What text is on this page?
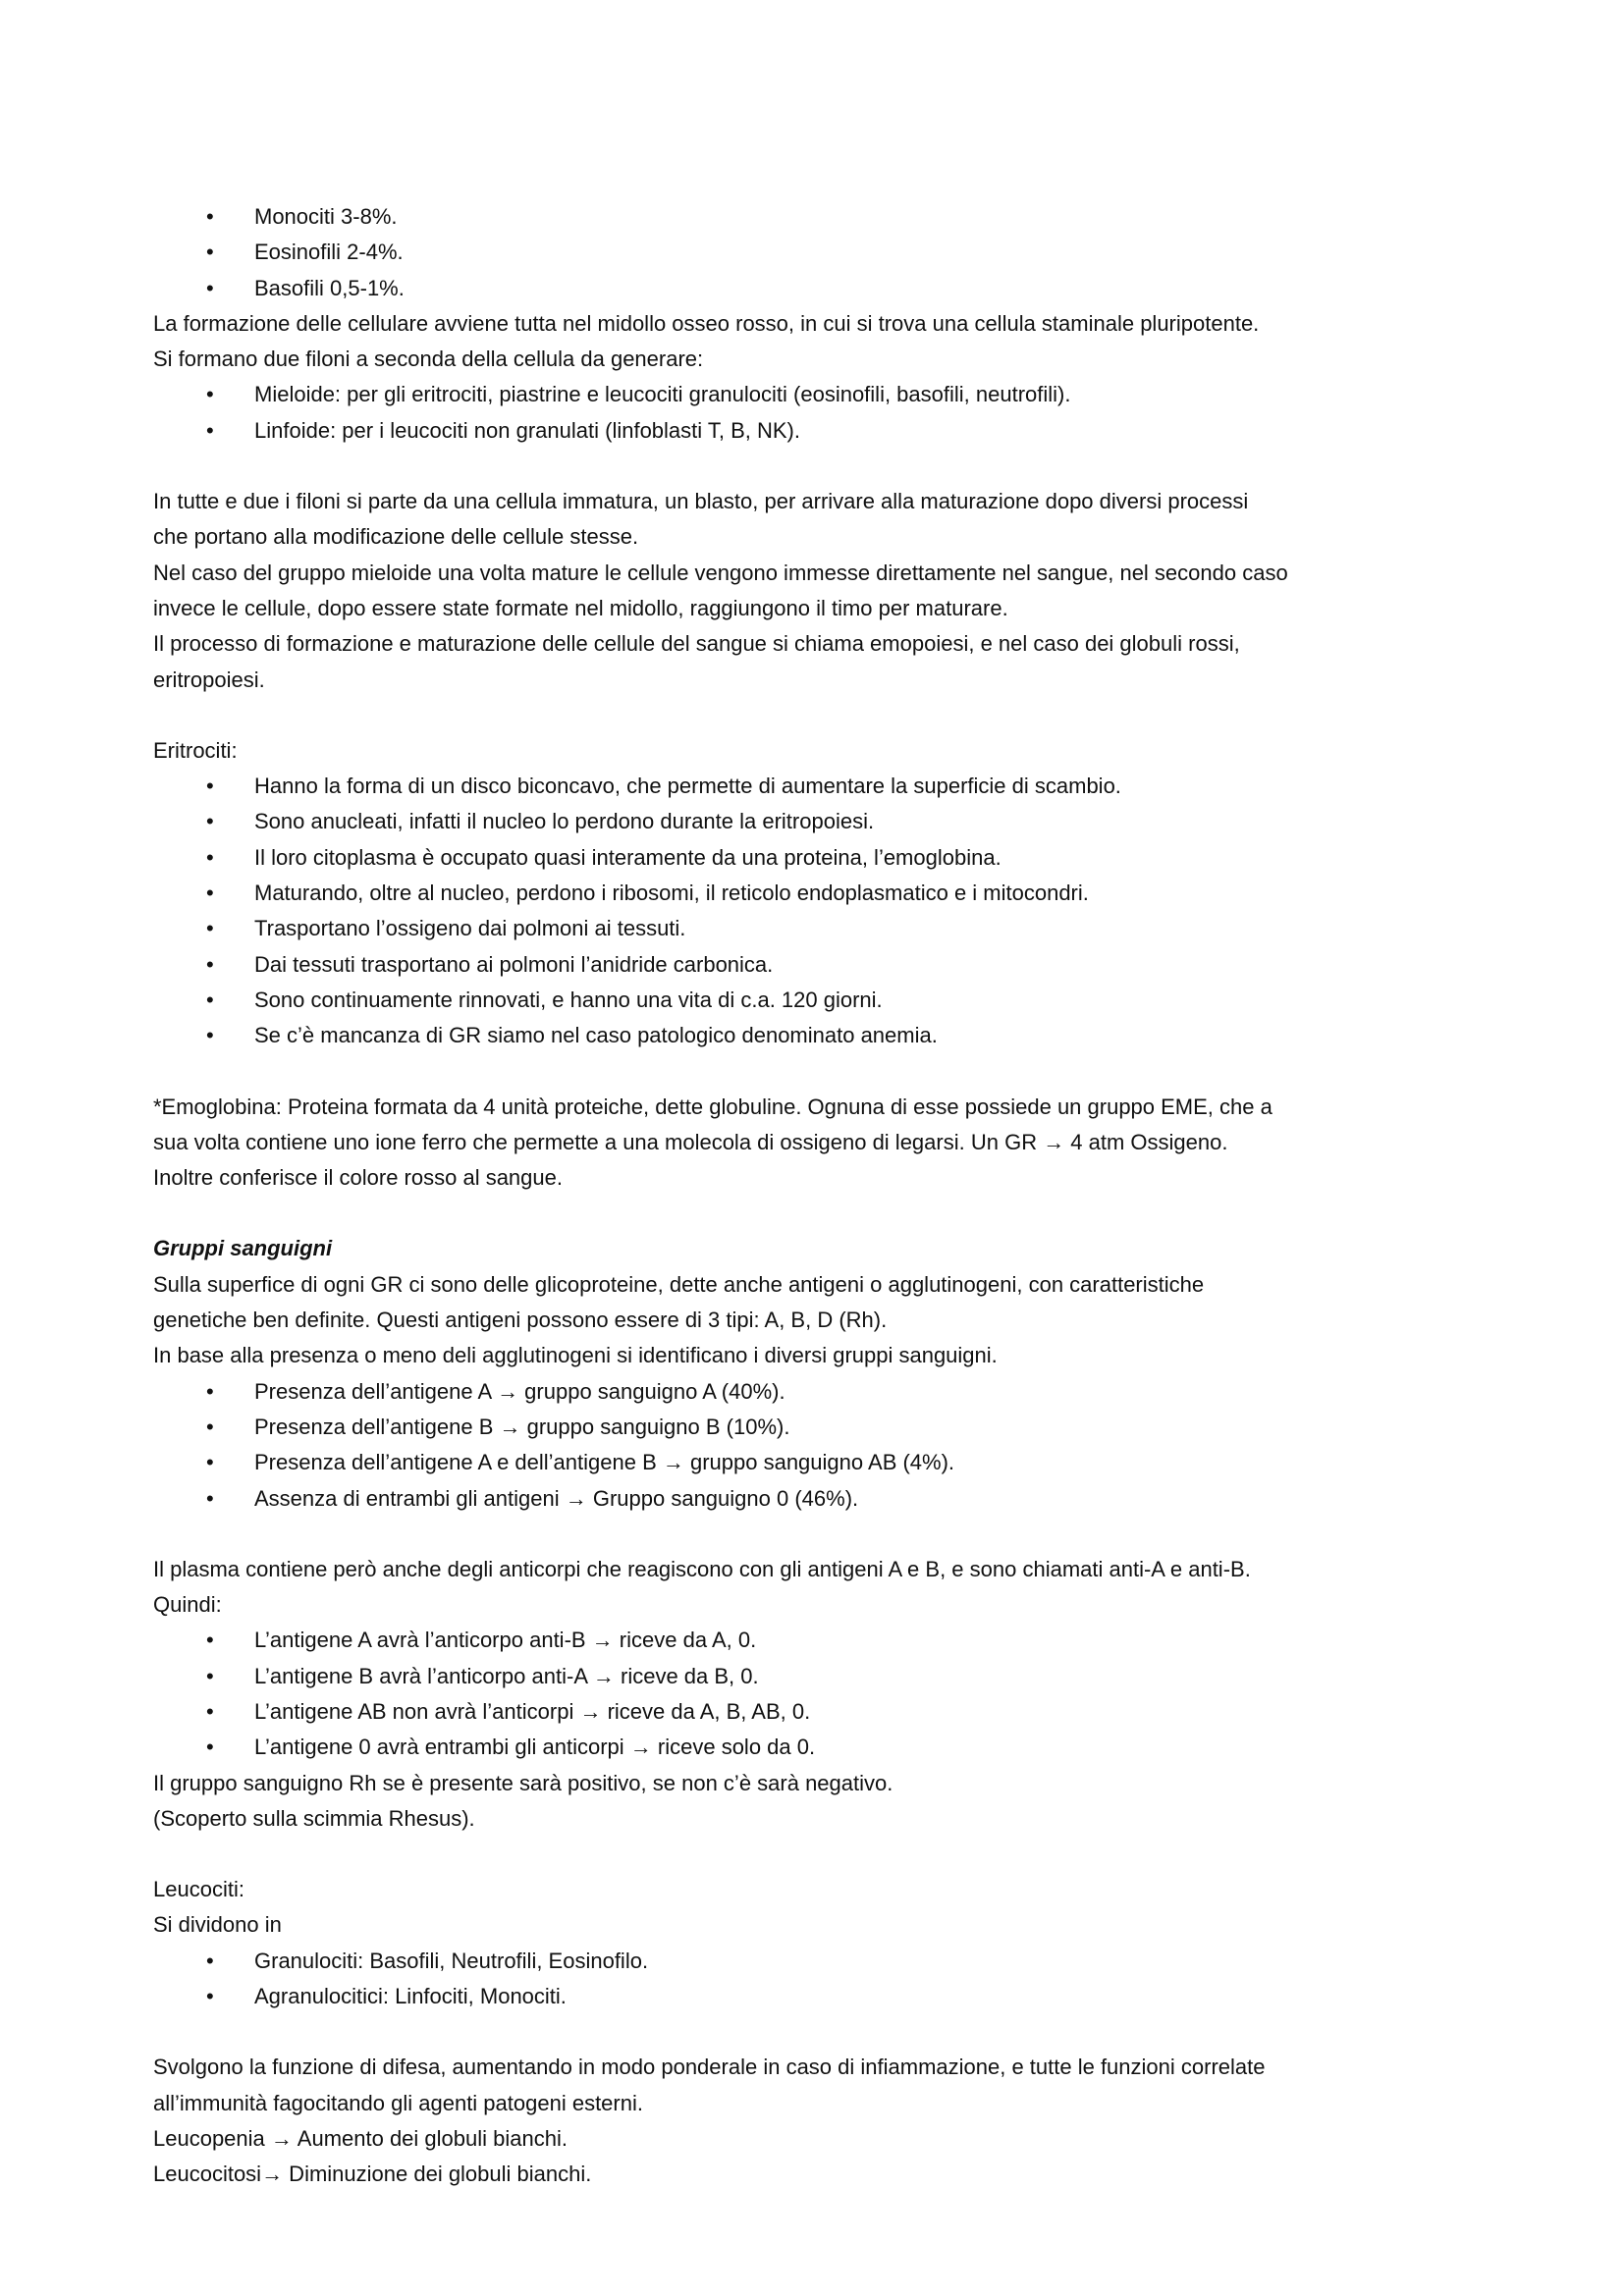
• Monociti 3-8%.
• Eosinofili 2-4%.
• Basofili 0,5-1%.

La formazione delle cellulare avviene tutta nel midollo osseo rosso, in cui si trova una cellula staminale pluripotente.

Si formano due filoni a seconda della cellula da generare:

• Mieloide: per gli eritrociti, piastrine e leucociti granulociti (eosinofili, basofili, neutrofili).
• Linfoide: per i leucociti non granulati (linfoblasti T, B, NK).

In tutte e due i filoni si parte da una cellula immatura, un blasto, per arrivare alla maturazione dopo diversi processi

che portano alla modificazione delle cellule stesse.

Nel caso del gruppo mieloide una volta mature le cellule vengono immesse direttamente nel sangue, nel secondo caso

invece le cellule, dopo essere state formate nel midollo, raggiungono il timo per maturare.

Il processo di formazione e maturazione delle cellule del sangue si chiama emopoiesi, e nel caso dei globuli rossi,

eritropoiesi.

Eritrociti:

• Hanno la forma di un disco biconcavo, che permette di aumentare la superficie di scambio.
• Sono anucleati, infatti il nucleo lo perdono durante la eritropoiesi.
• Il loro citoplasma è occupato quasi interamente da una proteina, l’emoglobina.
• Maturando, oltre al nucleo, perdono i ribosomi, il reticolo endoplasmatico e i mitocondri.
• Trasportano l’ossigeno dai polmoni ai tessuti.
• Dai tessuti trasportano ai polmoni l’anidride carbonica.
• Sono continuamente rinnovati, e hanno una vita di c.a. 120 giorni.
• Se c’è mancanza di GR siamo nel caso patologico denominato anemia.

*Emoglobina: Proteina formata da 4 unità proteiche, dette globuline. Ognuna di esse possiede un gruppo EME, che a

sua volta contiene uno ione ferro che permette a una molecola di ossigeno di legarsi. Un GR → 4 atm Ossigeno.

Inoltre conferisce il colore rosso al sangue.

Gruppi sanguigni

Sulla superfice di ogni GR ci sono delle glicoproteine, dette anche antigeni o agglutinogeni, con caratteristiche

genetiche ben definite. Questi antigeni possono essere di 3 tipi: A, B, D (Rh).

In base alla presenza o meno deli agglutinogeni si identificano i diversi gruppi sanguigni.

• Presenza dell’antigene A → gruppo sanguigno A (40%).
• Presenza dell’antigene B → gruppo sanguigno B (10%).
• Presenza dell’antigene A e dell’antigene B → gruppo sanguigno AB (4%).
• Assenza di entrambi gli antigeni → Gruppo sanguigno 0 (46%).

Il plasma contiene però anche degli anticorpi che reagiscono con gli antigeni A e B, e sono chiamati anti-A e anti-B.

Quindi:

• L’antigene A avrà l’anticorpo anti-B → riceve da A, 0.
• L’antigene B avrà l’anticorpo anti-A → riceve da B, 0.
• L’antigene AB non avrà l’anticorpi → riceve da A, B, AB, 0.
• L’antigene 0 avrà entrambi gli anticorpi → riceve solo da 0.

Il gruppo sanguigno Rh se è presente sarà positivo, se non c’è sarà negativo.

(Scoperto sulla scimmia Rhesus).

Leucociti:

Si dividono in

• Granulociti: Basofili, Neutrofili, Eosinofilo.
• Agranulocitici: Linfociti, Monociti.

Svolgono la funzione di difesa, aumentando in modo ponderale in caso di infiammazione, e tutte le funzioni correlate

all’immunità fagocitando gli agenti patogeni esterni.

Leucopenia → Aumento dei globuli bianchi.

Leucocitosi→ Diminuzione dei globuli bianchi.
